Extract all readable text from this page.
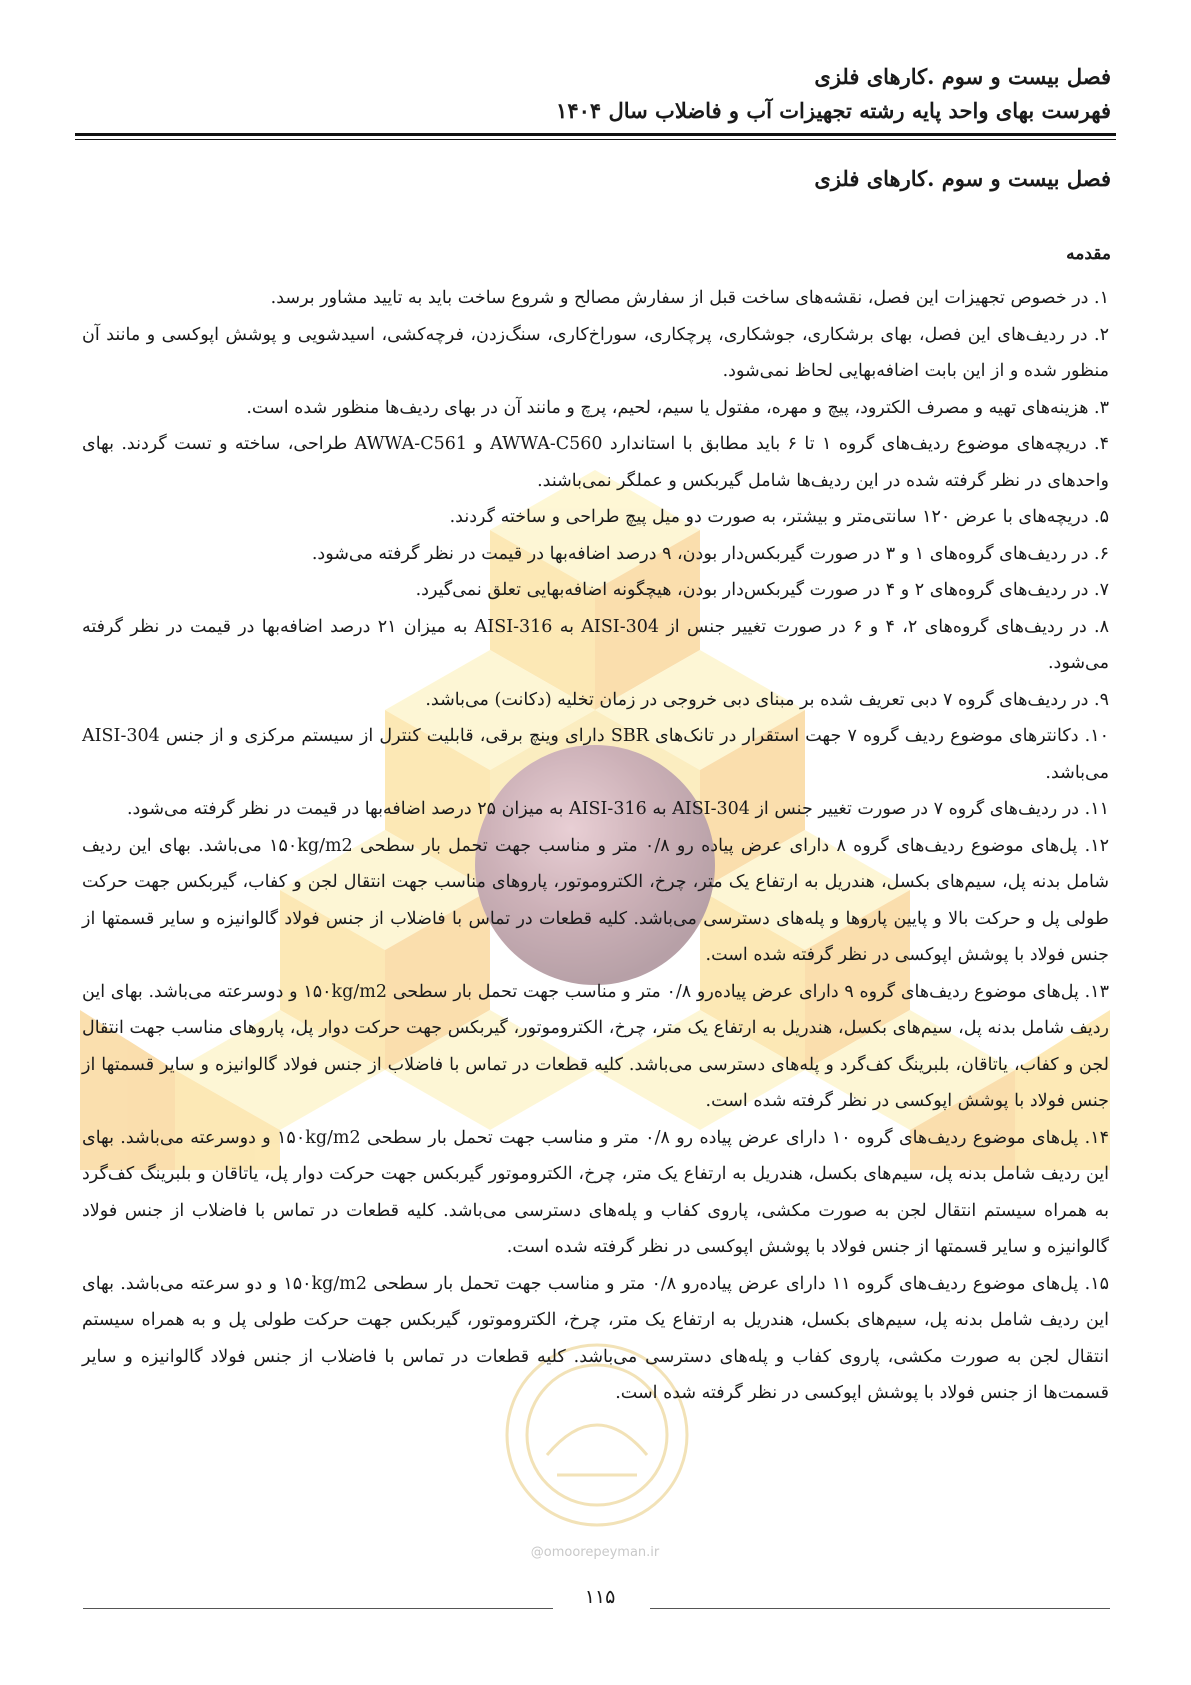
فصل بیست و سوم .کارهای فلزی
فهرست بهای واحد پایه رشته تجهیزات آب و فاضلاب سال ۱۴۰۴
فصل بیست و سوم .کارهای فلزی
مقدمه
۱. در خصوص تجهیزات این فصل، نقشه‌های ساخت قبل از سفارش مصالح و شروع ساخت باید به تایید مشاور برسد.
۲. در ردیف‌های این فصل، بهای برشکاری، جوشکاری، پرچکاری، سوراخ‌کاری، سنگ‌زدن، فرچه‌کشی، اسیدشویی و پوشش اپوکسی و مانند آن منظور شده و از این بابت اضافه‌بهایی لحاظ نمی‌شود.
۳. هزینه‌های تهیه و مصرف الکترود، پیچ و مهره، مفتول یا سیم، لحیم، پرچ و مانند آن در بهای ردیف‌ها منظور شده است.
۴. دریچه‌های موضوع ردیف‌های گروه ۱ تا ۶ باید مطابق با استاندارد AWWA-C560 و AWWA-C561 طراحی، ساخته و تست گردند. بهای واحدهای در نظر گرفته شده در این ردیف‌ها شامل گیربکس و عملگر نمی‌باشند.
۵. دریچه‌های با عرض ۱۲۰ سانتی‌متر و بیشتر، به صورت دو میل پیچ طراحی و ساخته گردند.
۶. در ردیف‌های گروه‌های ۱ و ۳ در صورت گیربکس‌دار بودن، ۹ درصد اضافه‌بها در قیمت در نظر گرفته می‌شود.
۷. در ردیف‌های گروه‌های ۲ و ۴ در صورت گیربکس‌دار بودن، هیچگونه اضافه‌بهایی تعلق نمی‌گیرد.
۸. در ردیف‌های گروه‌های ۲، ۴ و ۶ در صورت تغییر جنس از AISI-304 به AISI-316 به میزان ۲۱ درصد اضافه‌بها در قیمت در نظر گرفته می‌شود.
۹. در ردیف‌های گروه ۷ دبی تعریف شده بر مبنای دبی خروجی در زمان تخلیه (دکانت) می‌باشد.
۱۰. دکانترهای موضوع ردیف گروه ۷ جهت استقرار در تانک‌های SBR دارای وینچ برقی، قابلیت کنترل از سیستم مرکزی و از جنس AISI-304 می‌باشد.
۱۱. در ردیف‌های گروه ۷ در صورت تغییر جنس از AISI-304 به AISI-316 به میزان ۲۵ درصد اضافه‌بها در قیمت در نظر گرفته می‌شود.
۱۲. پل‌های موضوع ردیف‌های گروه ۸ دارای عرض پیاده رو ۰/۸ متر و مناسب جهت تحمل بار سطحی ۱۵۰kg/m2 می‌باشد. بهای این ردیف شامل بدنه پل، سیم‌های بکسل، هندریل به ارتفاع یک متر، چرخ، الکتروموتور، پاروهای مناسب جهت انتقال لجن و کفاب، گیربکس جهت حرکت طولی پل و حرکت بالا و پایین پاروها و پله‌های دسترسی می‌باشد. کلیه قطعات در تماس با فاضلاب از جنس فولاد گالوانیزه و سایر قسمتها از جنس فولاد با پوشش اپوکسی در نظر گرفته شده است.
۱۳. پل‌های موضوع ردیف‌های گروه ۹ دارای عرض پیاده‌رو ۰/۸ متر و مناسب جهت تحمل بار سطحی ۱۵۰kg/m2 و دوسرعته می‌باشد. بهای این ردیف شامل بدنه پل، سیم‌های بکسل، هندریل به ارتفاع یک متر، چرخ، الکتروموتور، گیربکس جهت حرکت دوار پل، پاروهای مناسب جهت انتقال لجن و کفاب، یاتاقان، بلبرینگ کف‌گرد و پله‌های دسترسی می‌باشد. کلیه قطعات در تماس با فاضلاب از جنس فولاد گالوانیزه و سایر قسمتها از جنس فولاد با پوشش اپوکسی در نظر گرفته شده است.
۱۴. پل‌های موضوع ردیف‌های گروه ۱۰ دارای عرض پیاده رو ۰/۸ متر و مناسب جهت تحمل بار سطحی ۱۵۰kg/m2 و دوسرعته می‌باشد. بهای این ردیف شامل بدنه پل، سیم‌های بکسل، هندریل به ارتفاع یک متر، چرخ، الکتروموتور گیربکس جهت حرکت دوار پل، یاتاقان و بلبرینگ کف‌گرد به همراه سیستم انتقال لجن به صورت مکشی، پاروی کفاب و پله‌های دسترسی می‌باشد. کلیه قطعات در تماس با فاضلاب از جنس فولاد گالوانیزه و سایر قسمتها از جنس فولاد با پوشش اپوکسی در نظر گرفته شده است.
۱۵. پل‌های موضوع ردیف‌های گروه ۱۱ دارای عرض پیاده‌رو ۰/۸ متر و مناسب جهت تحمل بار سطحی ۱۵۰kg/m2 و دو سرعته می‌باشد. بهای این ردیف شامل بدنه پل، سیم‌های بکسل، هندریل به ارتفاع یک متر، چرخ، الکتروموتور، گیربکس جهت حرکت طولی پل و به همراه سیستم انتقال لجن به صورت مکشی، پاروی کفاب و پله‌های دسترسی می‌باشد. کلیه قطعات در تماس با فاضلاب از جنس فولاد گالوانیزه و سایر قسمت‌ها از جنس فولاد با پوشش اپوکسی در نظر گرفته شده است.
@omoorepeyman.ir
۱۱۵
